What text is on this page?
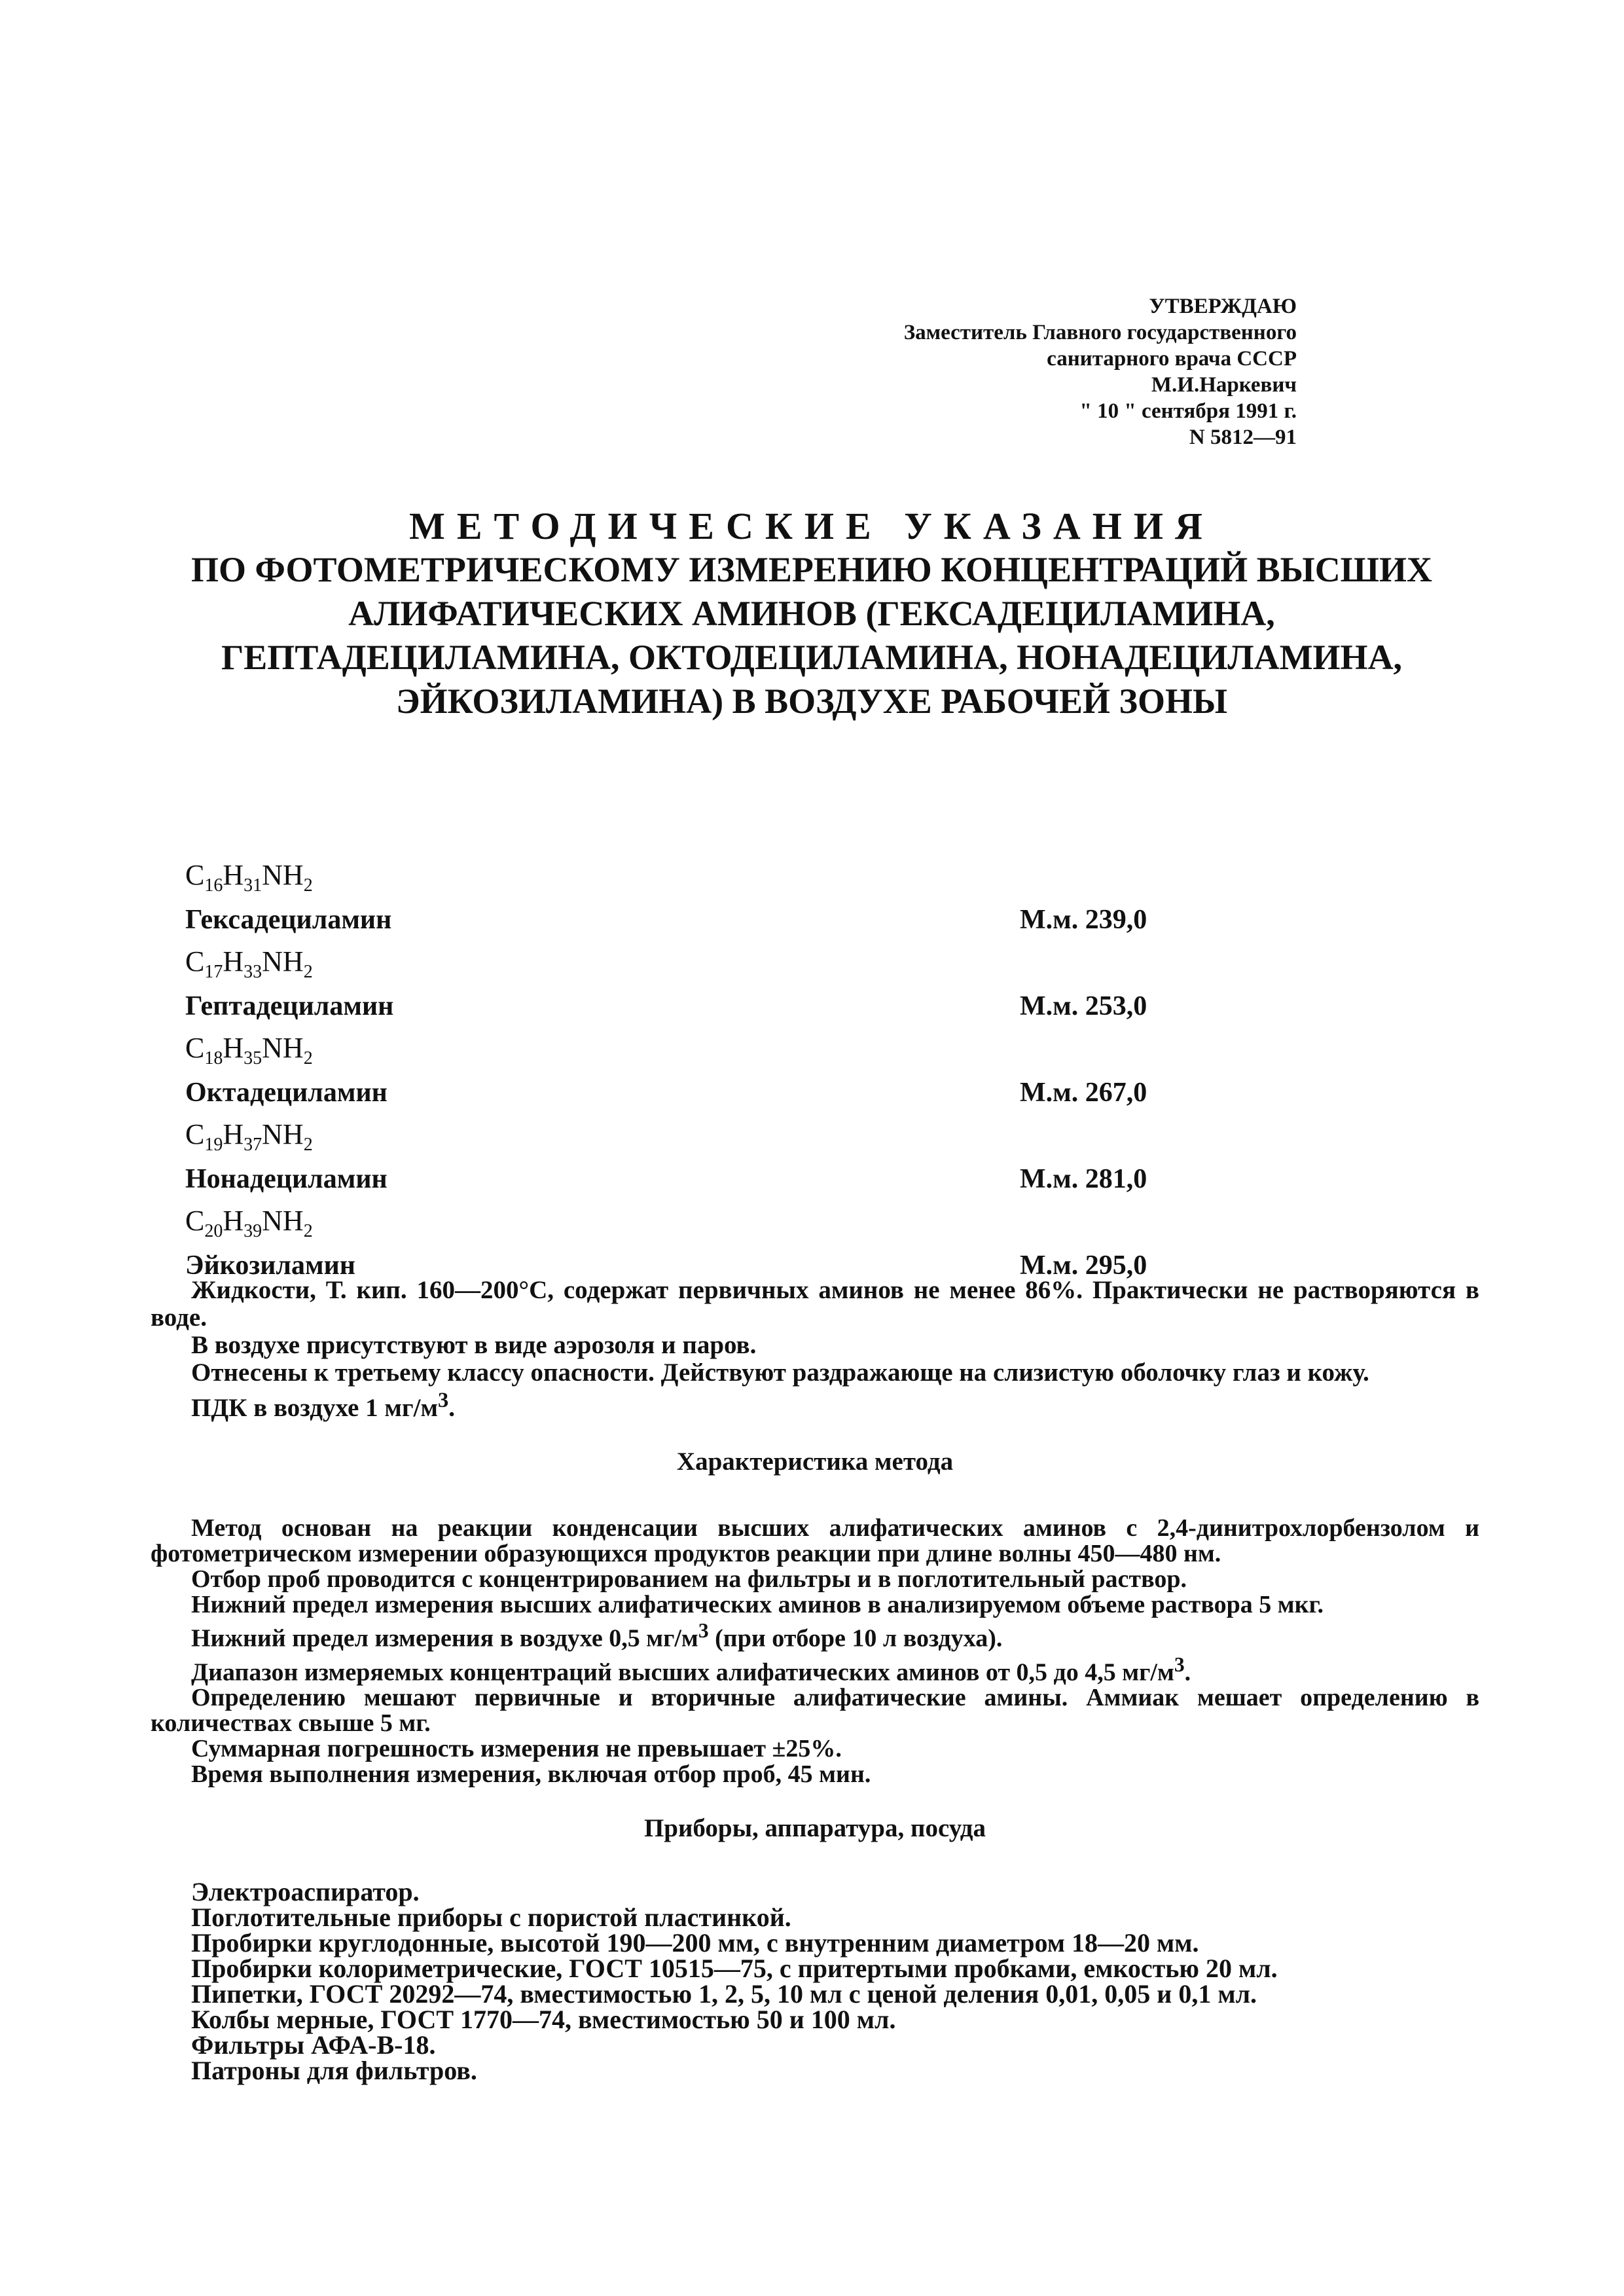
УТВЕРЖДАЮ
Заместитель Главного государственного
санитарного врача СССР
М.И.Наркевич
" 10 " сентября 1991 г.
N 5812—91
МЕТОДИЧЕСКИЕ УКАЗАНИЯ
ПО ФОТОМЕТРИЧЕСКОМУ ИЗМЕРЕНИЮ КОНЦЕНТРАЦИЙ ВЫСШИХ
АЛИФАТИЧЕСКИХ АМИНОВ (ГЕКСАДЕЦИЛАМИНА,
ГЕПТАДЕЦИЛАМИНА, ОКТОДЕЦИЛАМИНА, НОНАДЕЦИЛАМИНА,
ЭЙКОЗИЛАМИНА) В ВОЗДУХЕ РАБОЧЕЙ ЗОНЫ
$C_{16}H_{31}NH_2$
Гексадециламин	М.м. 239,0
$C_{17}H_{33}NH_2$
Гептадециламин	М.м. 253,0
$C_{18}H_{35}NH_2$
Октадециламин	М.м. 267,0
$C_{19}H_{37}NH_2$
Нонадециламин	М.м. 281,0
$C_{20}H_{39}NH_2$
Эйкозиламин	М.м. 295,0

Жидкости, Т. кип. 160—200°С, содержат первичных аминов не менее 86%. Практически не растворяются в воде.

В воздухе присутствуют в виде аэрозоля и паров.

Отнесены к третьему классу опасности. Действуют раздражающе на слизистую оболочку глаз и кожу.

ПДК в воздухе 1 $мг/м^3$.

Характеристика метода

Метод основан на реакции конденсации высших алифатических аминов с 2,4-динитрохлорбензолом и фотометрическом измерении образующихся продуктов реакции при длине волны 450—480 нм.

Отбор проб проводится с концентрированием на фильтры и в поглотительный раствор.

Нижний предел измерения высших алифатических аминов в анализируемом объеме раствора 5 мкг.

Нижний предел измерения в воздухе 0,5 $мг/м^3$ (при отборе 10 л воздуха).

Диапазон измеряемых концентраций высших алифатических аминов от 0,5 до 4,5 $мг/м^3$.

Определению мешают первичные и вторичные алифатические амины. Аммиак мешает определению в количествах свыше 5 мг.

Суммарная погрешность измерения не превышает ±25%.

Время выполнения измерения, включая отбор проб, 45 мин.

Приборы, аппаратура, посуда

Электроаспиратор.

Поглотительные приборы с пористой пластинкой.

Пробирки круглодонные, высотой 190—200 мм, с внутренним диаметром 18—20 мм.

Пробирки колориметрические, ГОСТ 10515—75, с притертыми пробками, емкостью 20 мл.

Пипетки, ГОСТ 20292—74, вместимостью 1, 2, 5, 10 мл с ценой деления 0,01, 0,05 и 0,1 мл.

Колбы мерные, ГОСТ 1770—74, вместимостью 50 и 100 мл.

Фильтры АФА-В-18.

Патроны для фильтров.
